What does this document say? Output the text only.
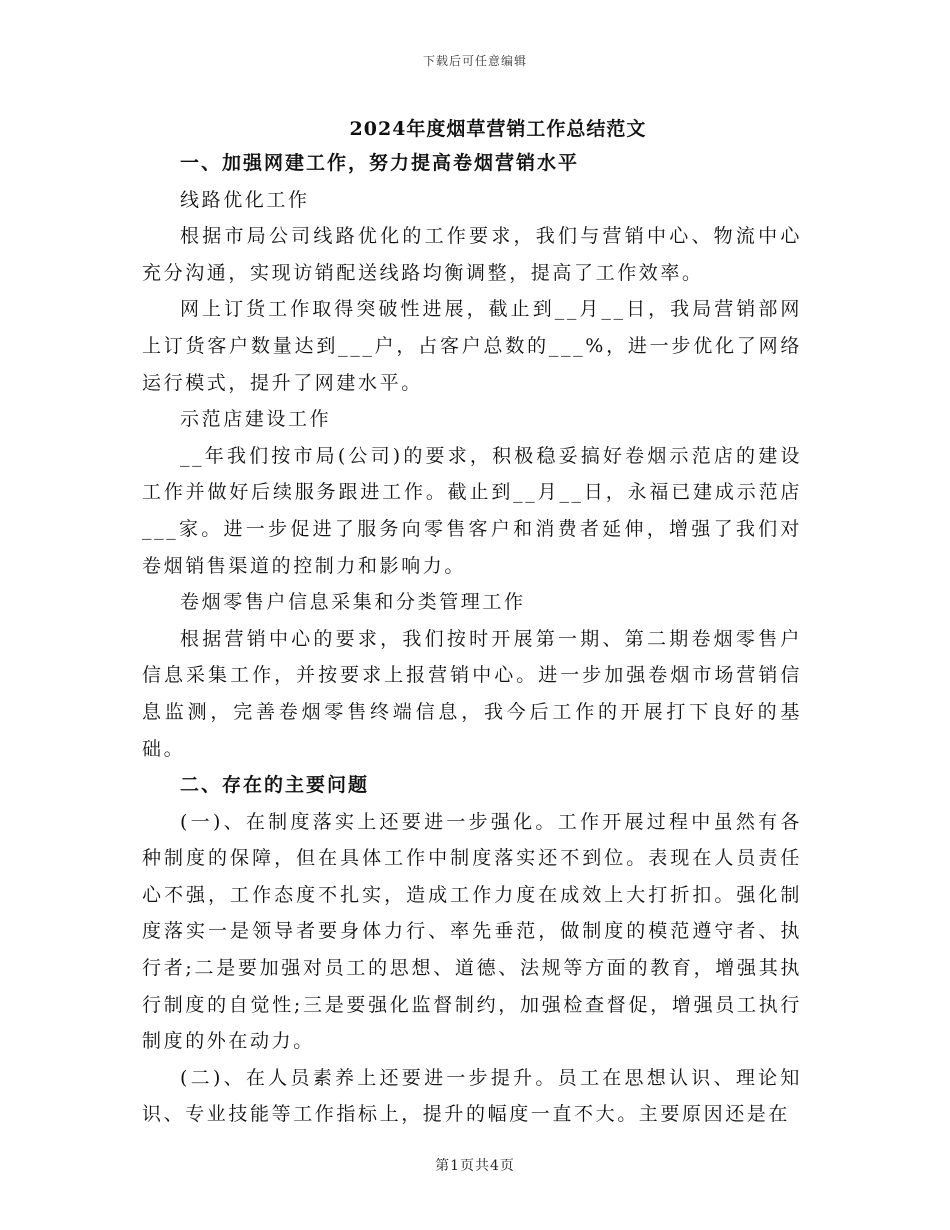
下载后可任意编辑
2024年度烟草营销工作总结范文

一、加强网建工作，努力提高卷烟营销水平

线路优化工作

根据市局公司线路优化的工作要求，我们与营销中心、物流中心充分沟通，实现访销配送线路均衡调整，提高了工作效率。

网上订货工作取得突破性进展，截止到__月__日，我局营销部网上订货客户数量达到___户，占客户总数的___%，进一步优化了网络运行模式，提升了网建水平。

示范店建设工作

__年我们按市局(公司)的要求，积极稳妥搞好卷烟示范店的建设工作并做好后续服务跟进工作。截止到__月__日，永福已建成示范店___家。进一步促进了服务向零售客户和消费者延伸，增强了我们对卷烟销售渠道的控制力和影响力。

卷烟零售户信息采集和分类管理工作

根据营销中心的要求，我们按时开展第一期、第二期卷烟零售户信息采集工作，并按要求上报营销中心。进一步加强卷烟市场营销信息监测，完善卷烟零售终端信息，我今后工作的开展打下良好的基础。

二、存在的主要问题

(一)、在制度落实上还要进一步强化。工作开展过程中虽然有各种制度的保障，但在具体工作中制度落实还不到位。表现在人员责任心不强，工作态度不扎实，造成工作力度在成效上大打折扣。强化制度落实一是领导者要身体力行、率先垂范，做制度的模范遵守者、执行者;二是要加强对员工的思想、道德、法规等方面的教育，增强其执行制度的自觉性;三是要强化监督制约，加强检查督促，增强员工执行制度的外在动力。

(二)、在人员素养上还要进一步提升。员工在思想认识、理论知识、专业技能等工作指标上，提升的幅度一直不大。主要原因还是在

第1页共4页
